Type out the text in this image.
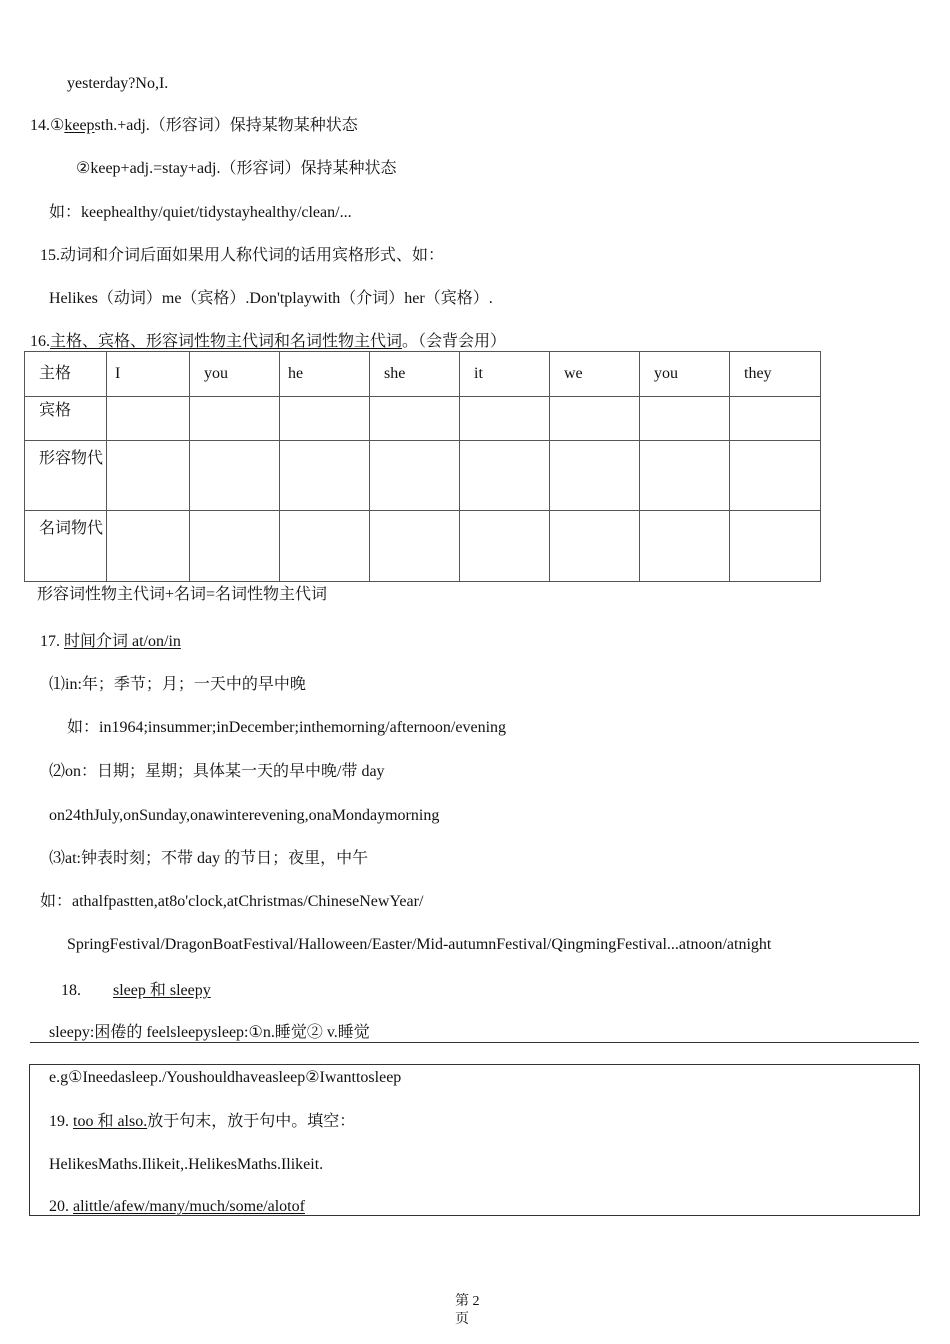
yesterday?No,I.
14.①keepsth.+adj.（形容词）保持某物某种状态
②keep+adj.=stay+adj.（形容词）保持某种状态
如：keephealthy/quiet/tidystayhealthy/clean/...
15.动词和介词后面如果用人称代词的话用宾格形式、如：
Helikes（动词）me（宾格）.Don'tplaywith（介词）her（宾格）.
16.主格、宾格、形容词性物主代词和名词性物主代词。（会背会用）
主格	I	you	he	she	it	we	you	they
宾格								
形容物代								
名词物代								
形容词性物主代词+名词=名词性物主代词
17. 时间介词 at/on/in
⑴in:年；季节；月；一天中的早中晚
如：in1964;insummer;inDecember;inthemorning/afternoon/evening
⑵on：日期；星期；具体某一天的早中晚/带 day
on24thJuly,onSunday,onawinterevening,onaMondaymorning
⑶at:钟表时刻；不带 day 的节日；夜里，中午
如：athalfpastten,at8o'clock,atChristmas/ChineseNewYear/
SpringFestival/DragonBoatFestival/Halloween/Easter/Mid-autumnFestival/QingmingFestival...atnoon/atnight
18. sleep 和 sleepy
sleepy:困倦的 feelsleepysleep:①n.睡觉② v.睡觉
e.g①Ineedasleep./Youshouldhaveasleep②Iwanttosleep
19. too 和 also.放于句末，放于句中。填空：
HelikesMaths.Ilikeit,.HelikesMaths.Ilikeit.
20. alittle/afew/many/much/some/alotof
第 2
页
